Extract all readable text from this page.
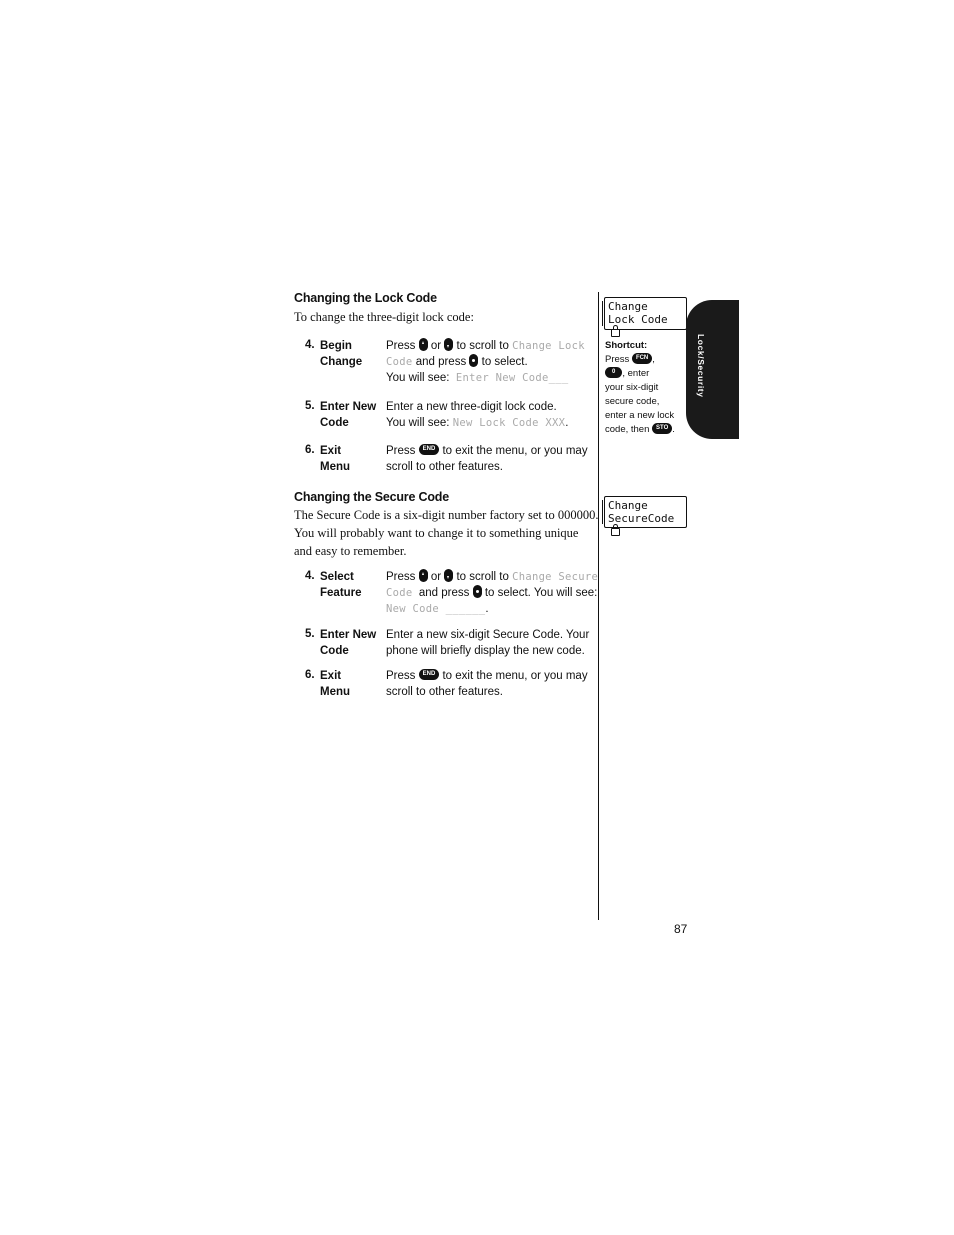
Changing the Lock Code
To change the three-digit lock code:
4. Begin
Change
Press or to scroll to Change Lock
Code and press to select.
You will see: Enter New Code___
5. Enter New
Code
Enter a new three-digit lock code.
You will see: New Lock Code XXX.
6. Exit
Menu
Press END to exit the menu, or you may
scroll to other features.
Changing the Secure Code
The Secure Code is a six-digit number factory set to 000000.
You will probably want to change it to something unique
and easy to remember.
4. Select
Feature
Press or to scroll to Change Secure
Code and press to select. You will see:
New Code ______.
5. Enter New
Code
Enter a new six-digit Secure Code. Your
phone will briefly display the new code.
6. Exit
Menu
Press END to exit the menu, or you may
scroll to other features.
Change
Lock Code
Shortcut:
Press FCN ,
0 , enter
your six-digit
secure code,
enter a new lock
code, then STO .
Change
SecureCode
87
